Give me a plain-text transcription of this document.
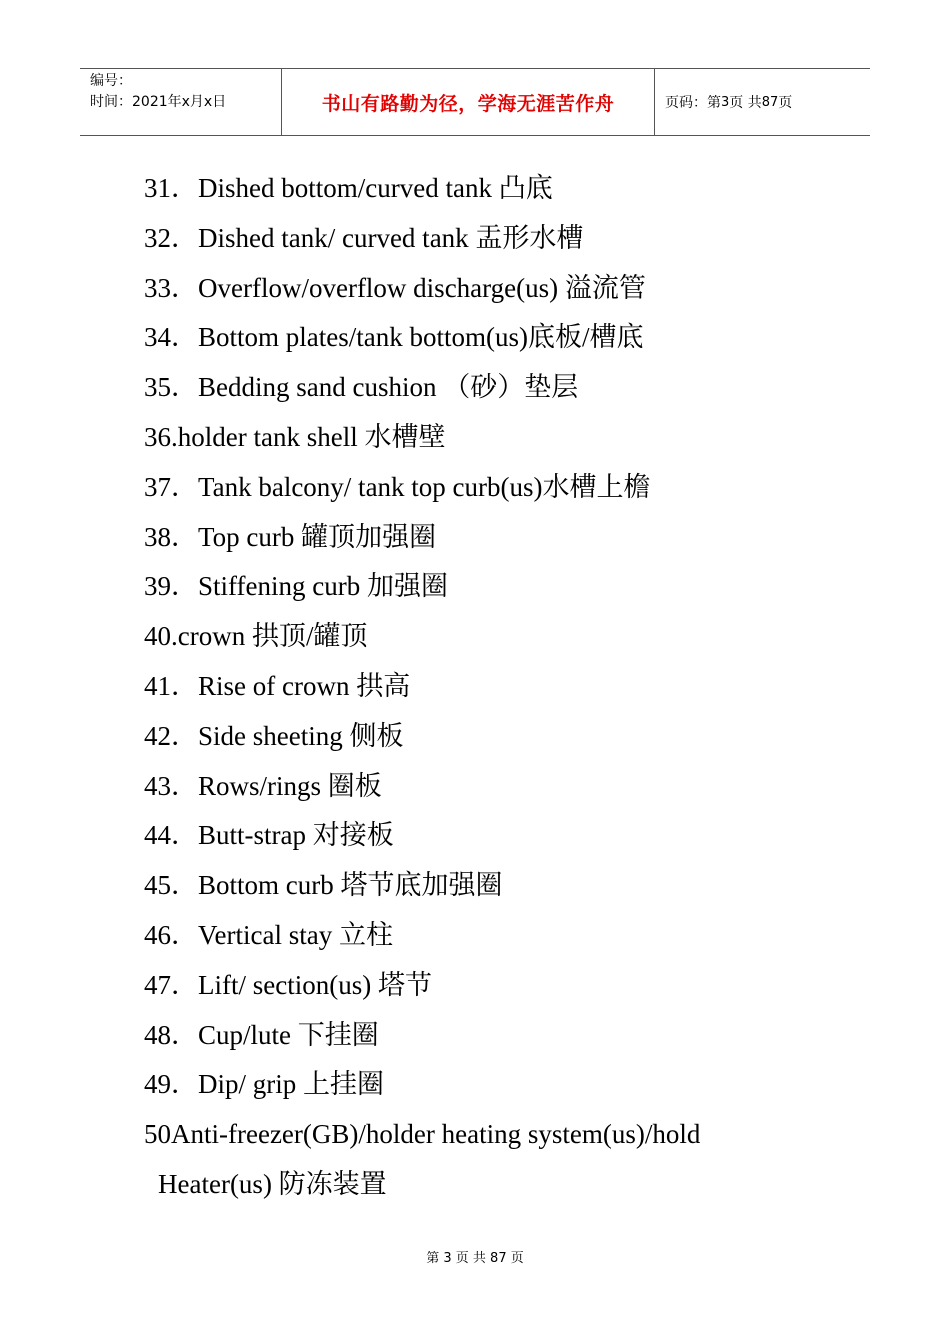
编号：
时间：2021年x月x日	书山有路勤为径，学海无涯苦作舟	页码：第 3 页 共 87 页
31．Dished bottom/curved tank 凸底
32．Dished tank/ curved tank 盂形水槽
33．Overflow/overflow discharge(us) 溢流管
34．Bottom plates/tank bottom(us)底板/槽底
35．Bedding sand cushion （砂）垫层
36.holder tank shell 水槽壁
37．Tank balcony/ tank top curb(us)水槽上檐
38．Top curb 罐顶加强圈
39．Stiffening curb 加强圈
40.crown 拱顶/罐顶
41．Rise of crown 拱高
42．Side sheeting 侧板
43．Rows/rings 圈板
44．Butt-strap 对接板
45．Bottom curb 塔节底加强圈
46．Vertical stay 立柱
47．Lift/ section(us) 塔节
48．Cup/lute 下挂圈
49．Dip/ grip 上挂圈
50Anti-freezer(GB)/holder heating system(us)/hold
Heater(us) 防冻装置
第 3 页 共 87 页
